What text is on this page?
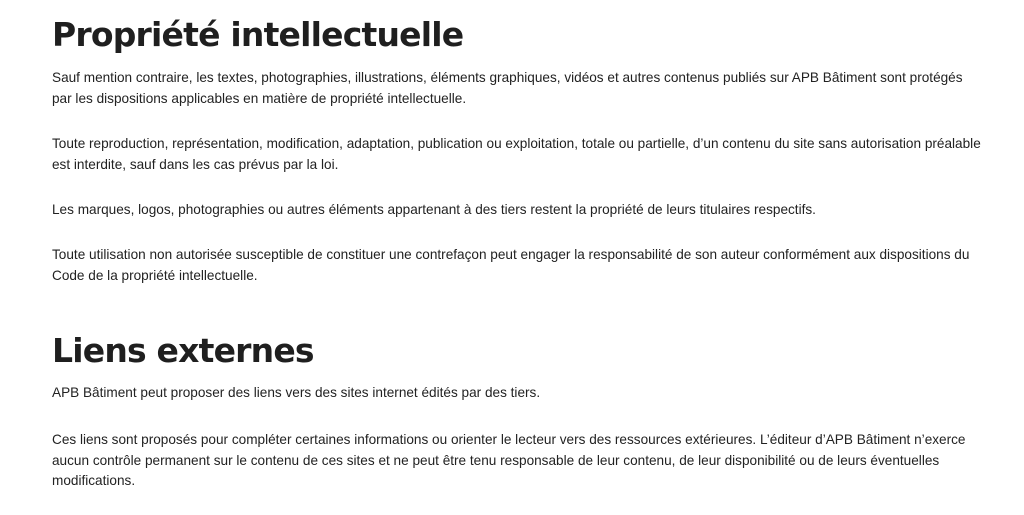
Propriété intellectuelle

Sauf mention contraire, les textes, photographies, illustrations, éléments graphiques, vidéos et autres contenus publiés sur APB Bâtiment sont protégés par les dispositions applicables en matière de propriété intellectuelle.

Toute reproduction, représentation, modification, adaptation, publication ou exploitation, totale ou partielle, d’un contenu du site sans autorisation préalable est interdite, sauf dans les cas prévus par la loi.

Les marques, logos, photographies ou autres éléments appartenant à des tiers restent la propriété de leurs titulaires respectifs.

Toute utilisation non autorisée susceptible de constituer une contrefaçon peut engager la responsabilité de son auteur conformément aux dispositions du Code de la propriété intellectuelle.

Liens externes

APB Bâtiment peut proposer des liens vers des sites internet édités par des tiers.

Ces liens sont proposés pour compléter certaines informations ou orienter le lecteur vers des ressources extérieures. L’éditeur d’APB Bâtiment n’exerce aucun contrôle permanent sur le contenu de ces sites et ne peut être tenu responsable de leur contenu, de leur disponibilité ou de leurs éventuelles modifications.
